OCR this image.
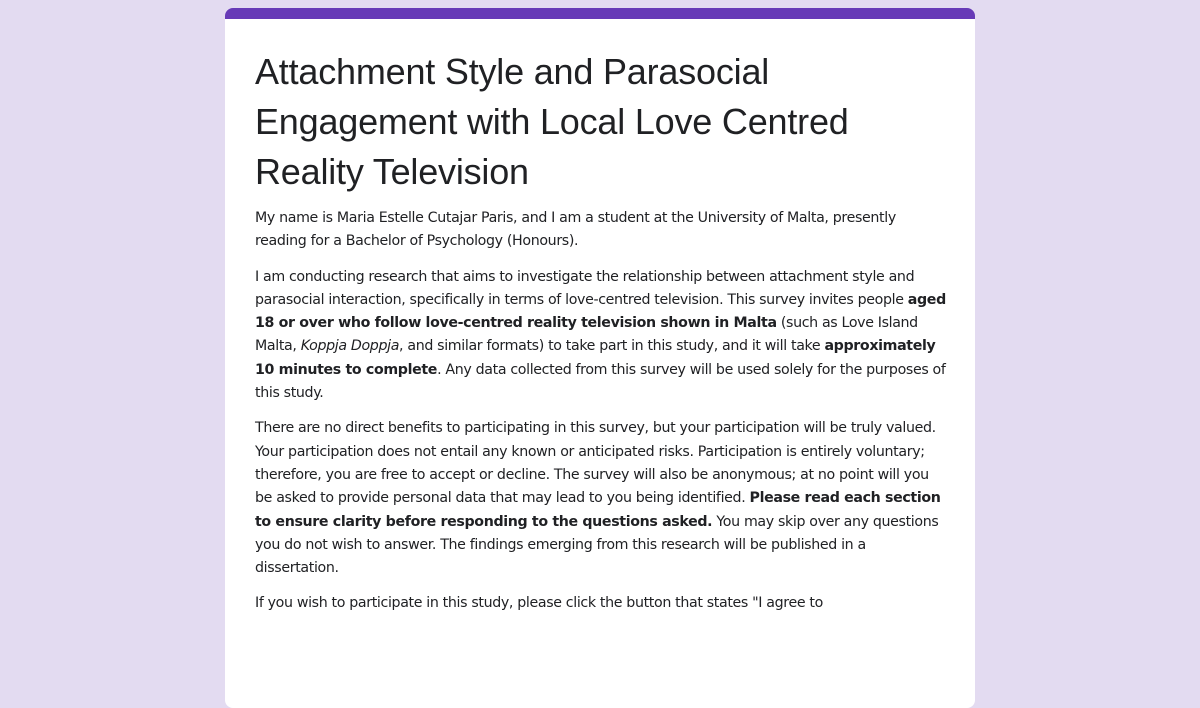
Attachment Style and Parasocial Engagement with Local Love Centred Reality Television

My name is Maria Estelle Cutajar Paris, and I am a student at the University of Malta, presently reading for a Bachelor of Psychology (Honours).

I am conducting research that aims to investigate the relationship between attachment style and parasocial interaction, specifically in terms of love-centred television. This survey invites people aged 18 or over who follow love-centred reality television shown in Malta (such as Love Island Malta, Koppja Doppja, and similar formats) to take part in this study, and it will take approximately 10 minutes to complete. Any data collected from this survey will be used solely for the purposes of this study.

There are no direct benefits to participating in this survey, but your participation will be truly valued. Your participation does not entail any known or anticipated risks. Participation is entirely voluntary; therefore, you are free to accept or decline. The survey will also be anonymous; at no point will you be asked to provide personal data that may lead to you being identified. Please read each section to ensure clarity before responding to the questions asked. You may skip over any questions you do not wish to answer. The findings emerging from this research will be published in a dissertation.

If you wish to participate in this study, please click the button that states "I agree to
